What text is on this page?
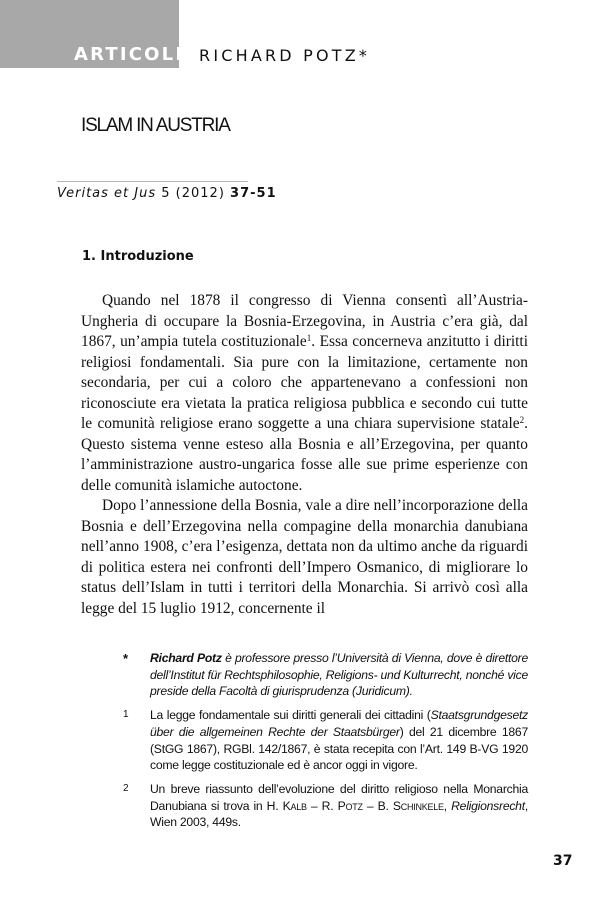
ARTICOLI RICHARD POTZ*
ISLAM IN AUSTRIA
Veritas et Jus 5 (2012) 37-51
1. Introduzione

Quando nel 1878 il congresso di Vienna consentì all’Austria-Ungheria di occupare la Bosnia-Erzegovina, in Austria c’era già, dal 1867, un’ampia tutela costituzionale$^1$. Essa concerneva anzitutto i diritti religiosi fondamentali. Sia pure con la limitazione, certamente non secondaria, per cui a coloro che appartenevano a confessioni non riconosciute era vietata la pratica religiosa pubblica e secondo cui tutte le comunità religiose erano soggette a una chiara supervisione statale$^2$. Questo sistema venne esteso alla Bosnia e all’Erzegovina, per quanto l’amministrazione austro-ungarica fosse alle sue prime esperienze con delle comunità islamiche autoctone.

Dopo l’annessione della Bosnia, vale a dire nell’incorporazione della Bosnia e dell’Erzegovina nella compagine della monarchia danubiana nell’anno 1908, c’era l’esigenza, dettata non da ultimo anche da riguardi di politica estera nei confronti dell’Impero Osmanico, di migliorare lo status dell’Islam in tutti i territori della Monarchia. Si arrivò così alla legge del 15 luglio 1912, concernente il

* Richard Potz è professore presso l’Università di Vienna, dove è direttore dell’Institut für Rechtsphilosophie, Religions- und Kulturrecht, nonché vice preside della Facoltà di giurisprudenza (Juridicum).
1 La legge fondamentale sui diritti generali dei cittadini (Staatsgrundgesetz über die allgemeinen Rechte der Staatsbürger) del 21 dicembre 1867 (StGG 1867), RGBl. 142/1867, è stata recepita con l’Art. 149 B-VG 1920 come legge costituzionale ed è ancor oggi in vigore.
2 Un breve riassunto dell’evoluzione del diritto religioso nella Monarchia Danubiana si trova in H. Kalb – R. Potz – B. Schinkele, Religionsrecht, Wien 2003, 449s.
37
